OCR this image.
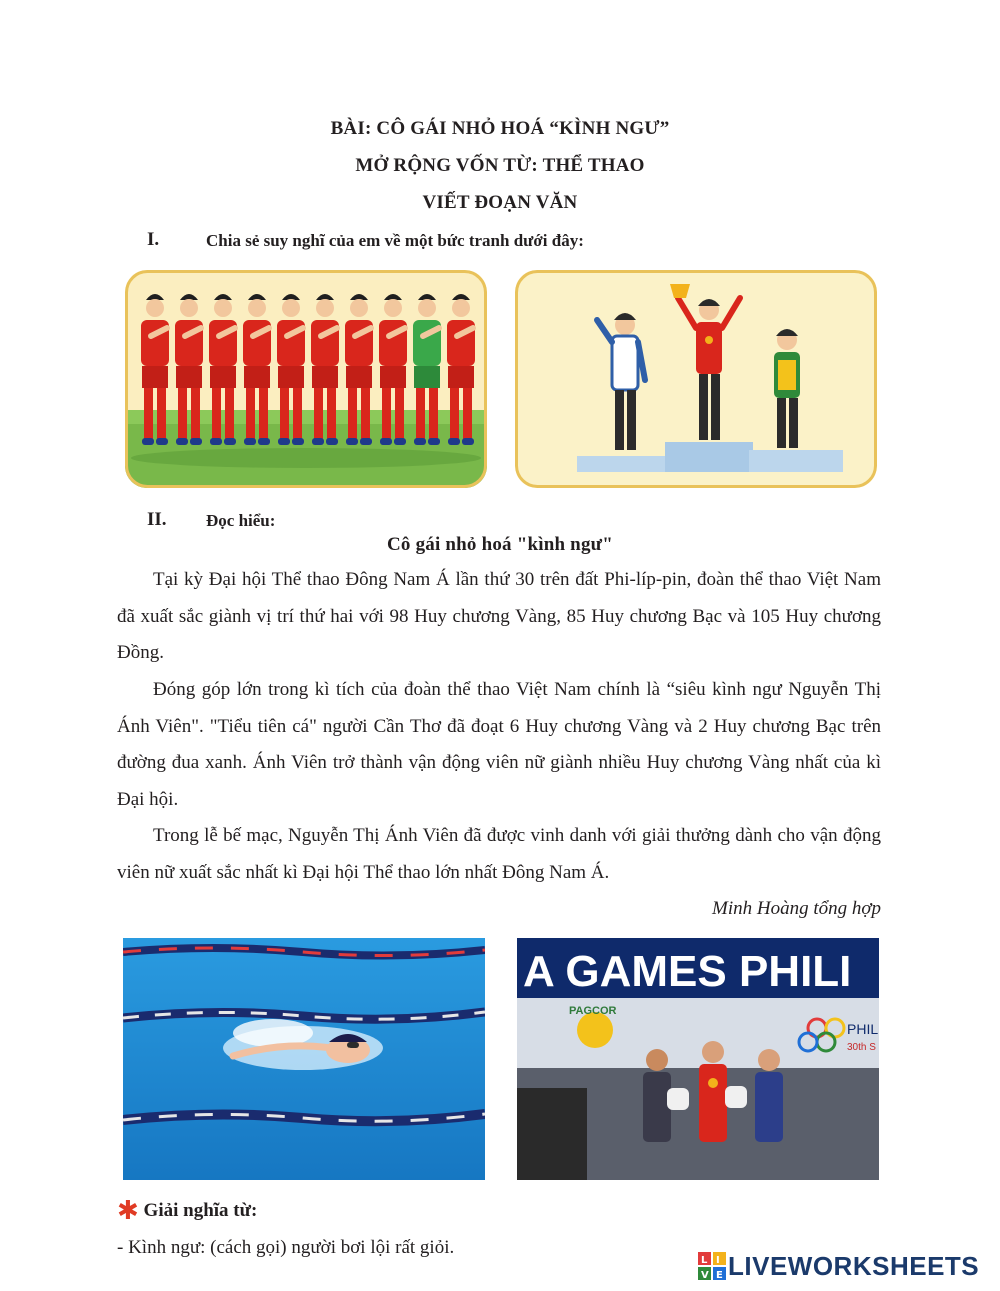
BÀI: CÔ GÁI NHỎ HOÁ “KÌNH NGƯ”
MỞ RỘNG VỐN TỪ: THỂ THAO
VIẾT ĐOẠN VĂN
I.	Chia sẻ suy nghĩ của em về một bức tranh dưới đây:
II. Đọc hiểu:
Cô gái nhỏ hoá "kình ngư"
Tại kỳ Đại hội Thể thao Đông Nam Á lần thứ 30 trên đất Phi-líp-pin, đoàn thể thao Việt Nam đã xuất sắc giành vị trí thứ hai với 98 Huy chương Vàng, 85 Huy chương Bạc và 105 Huy chương Đồng.
Đóng góp lớn trong kì tích của đoàn thể thao Việt Nam chính là “siêu kình ngư Nguyễn Thị Ánh Viên". "Tiểu tiên cá" người Cần Thơ đã đoạt 6 Huy chương Vàng và 2 Huy chương Bạc trên đường đua xanh. Ánh Viên trở thành vận động viên nữ giành nhiều Huy chương Vàng nhất của kì Đại hội.
Trong lễ bế mạc, Nguyễn Thị Ánh Viên đã được vinh danh với giải thưởng dành cho vận động viên nữ xuất sắc nhất kì Đại hội Thể thao lớn nhất Đông Nam Á.
Minh Hoàng tổng hợp
A GAMES PHILI
PAGCOR
PHIL
30th S
✱ Giải nghĩa từ:
- Kình ngư: (cách gọi) người bơi lội rất giỏi.
L I
V E LIVEWORKSHEETS
